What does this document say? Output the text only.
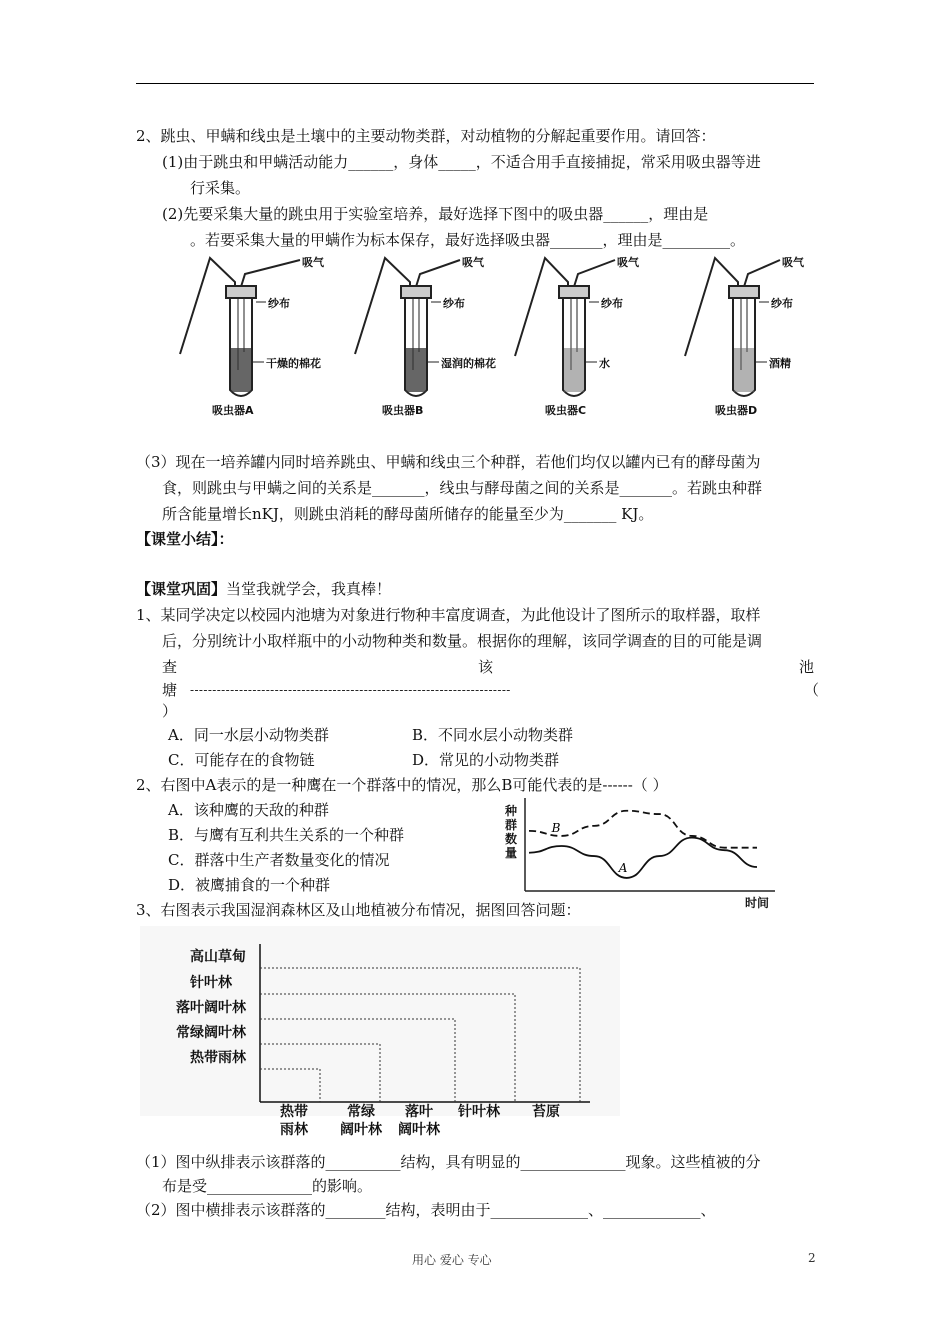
2、跳虫、甲螨和线虫是土壤中的主要动物类群，对动植物的分解起重要作用。请回答：
(1)由于跳虫和甲螨活动能力______，身体_____，不适合用手直接捕捉，常采用吸虫器等进
行采集。
(2)先要采集大量的跳虫用于实验室培养，最好选择下图中的吸虫器______，理由是
。若要采集大量的甲螨作为标本保存，最好选择吸虫器_______，理由是_________。
吸气
纱布
干燥的棉花
吸虫器A
吸气
纱布
湿润的棉花
吸虫器B
吸气
纱布
水
吸虫器C
吸气
纱布
酒精
吸虫器D
（3）现在一培养罐内同时培养跳虫、甲螨和线虫三个种群，若他们均仅以罐内已有的酵母菌为
食，则跳虫与甲螨之间的关系是_______，线虫与酵母菌之间的关系是_______。若跳虫种群
所含能量增长nKJ，则跳虫消耗的酵母菌所储存的能量至少为_______ KJ。
【课堂小结】：
【课堂巩固】当堂我就学会，我真棒！
1、某同学决定以校园内池塘为对象进行物种丰富度调查，为此他设计了图所示的取样器，取样
后，分别统计小取样瓶中的小动物种类和数量。根据你的理解，该同学调查的目的可能是调
查	该	池
塘 ------------------------------------------------------------------------	（
）
A．同一水层小动物类群	B．不同水层小动物类群
C．可能存在的食物链	D．常见的小动物类群
2、右图中A表示的是一种鹰在一个群落中的情况，那么B可能代表的是------（ ）
A．该种鹰的天敌的种群
B．与鹰有互利共生关系的一个种群
C．群落中生产者数量变化的情况
D．被鹰捕食的一个种群
种群数量
A
B
时间
3、右图表示我国湿润森林区及山地植被分布情况，据图回答问题：
高山草甸
针叶林
落叶阔叶林
常绿阔叶林
热带雨林
热带
雨林
常绿
阔叶林
落叶
阔叶林
针叶林 苔原
（1）图中纵排表示该群落的__________结构，具有明显的______________现象。这些植被的分
布是受______________的影响。
（2）图中横排表示该群落的________结构，表明由于_____________、_____________、
用心 爱心 专心	2
